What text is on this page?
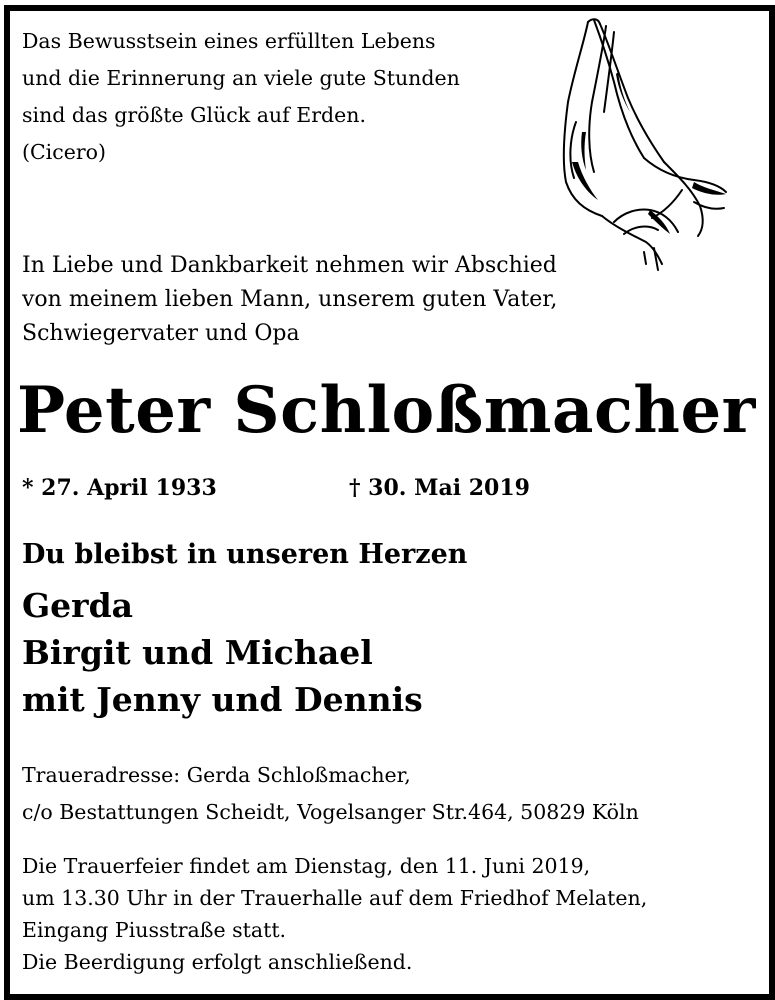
Das Bewusstsein eines erfüllten Lebens
und die Erinnerung an viele gute Stunden
sind das größte Glück auf Erden.
(Cicero)
In Liebe und Dankbarkeit nehmen wir Abschied
von meinem lieben Mann, unserem guten Vater,
Schwiegervater und Opa
Peter Schloßmacher
* 27. April 1933	† 30. Mai 2019
Du bleibst in unseren Herzen
Gerda
Birgit und Michael
mit Jenny und Dennis
Traueradresse: Gerda Schloßmacher,
c/o Bestattungen Scheidt, Vogelsanger Str.464, 50829 Köln
Die Trauerfeier findet am Dienstag, den 11. Juni 2019,
um 13.30 Uhr in der Trauerhalle auf dem Friedhof Melaten,
Eingang Piusstraße statt.
Die Beerdigung erfolgt anschließend.
